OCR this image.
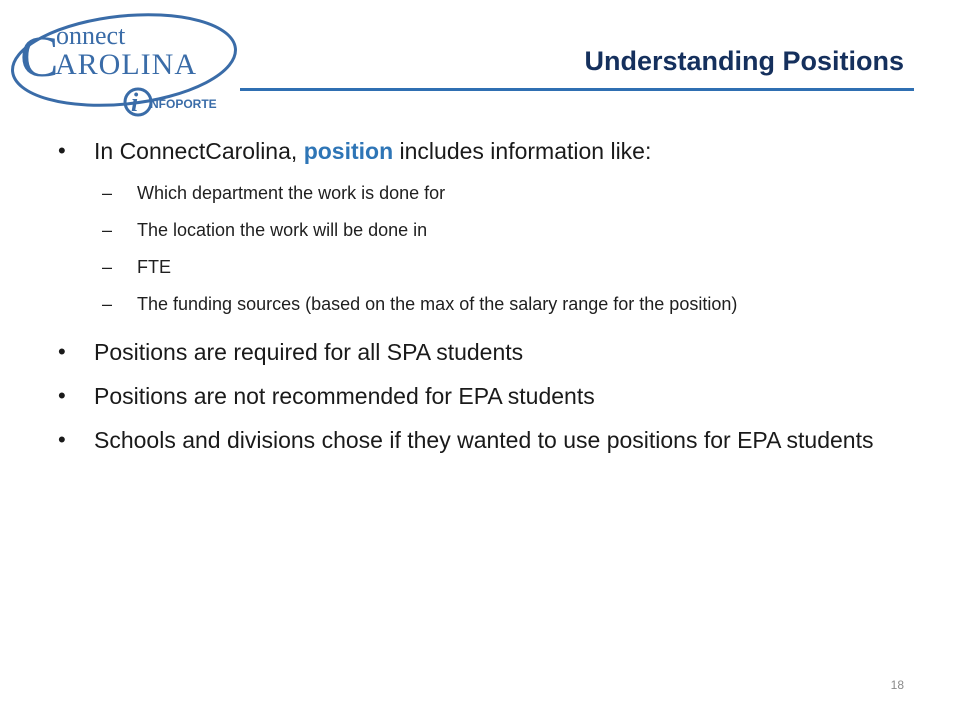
C
onnect
AROLINA
i NFOPORTE
Understanding Positions
• In ConnectCarolina, position includes information like:
– Which department the work is done for
– The location the work will be done in
– FTE
– The funding sources (based on the max of the salary range for the position)
• Positions are required for all SPA students
• Positions are not recommended for EPA students
• Schools and divisions chose if they wanted to use positions for EPA students
18
